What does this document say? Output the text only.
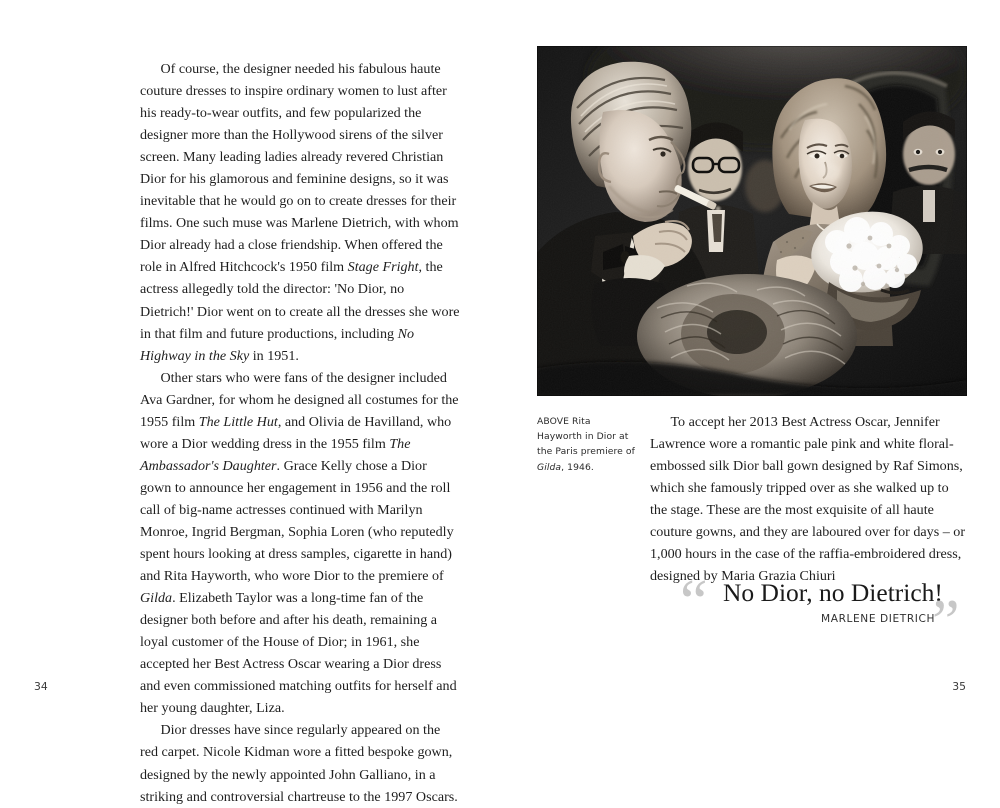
Of course, the designer needed his fabulous haute couture dresses to inspire ordinary women to lust after his ready-to-wear outfits, and few popularized the designer more than the Hollywood sirens of the silver screen. Many leading ladies already revered Christian Dior for his glamorous and feminine designs, so it was inevitable that he would go on to create dresses for their films. One such muse was Marlene Dietrich, with whom Dior already had a close friendship. When offered the role in Alfred Hitchcock's 1950 film Stage Fright, the actress allegedly told the director: 'No Dior, no Dietrich!' Dior went on to create all the dresses she wore in that film and future productions, including No Highway in the Sky in 1951.

Other stars who were fans of the designer included Ava Gardner, for whom he designed all costumes for the 1955 film The Little Hut, and Olivia de Havilland, who wore a Dior wedding dress in the 1955 film The Ambassador's Daughter. Grace Kelly chose a Dior gown to announce her engagement in 1956 and the roll call of big-name actresses continued with Marilyn Monroe, Ingrid Bergman, Sophia Loren (who reputedly spent hours looking at dress samples, cigarette in hand) and Rita Hayworth, who wore Dior to the premiere of Gilda. Elizabeth Taylor was a long-time fan of the designer both before and after his death, remaining a loyal customer of the House of Dior; in 1961, she accepted her Best Actress Oscar wearing a Dior dress and even commissioned matching outfits for herself and her young daughter, Liza.

Dior dresses have since regularly appeared on the red carpet. Nicole Kidman wore a fitted bespoke gown, designed by the newly appointed John Galliano, in a striking and controversial chartreuse to the 1997 Oscars.

34
ABOVE Rita Hayworth in Dior at the Paris premiere of Gilda, 1946.

To accept her 2013 Best Actress Oscar, Jennifer Lawrence wore a romantic pale pink and white floral-embossed silk Dior ball gown designed by Raf Simons, which she famously tripped over as she walked up to the stage. These are the most exquisite of all haute couture gowns, and they are laboured over for days – or 1,000 hours in the case of the raffia-embroidered dress, designed by Maria Grazia Chiuri

“ No Dior, no Dietrich!
”
MARLENE DIETRICH
35
